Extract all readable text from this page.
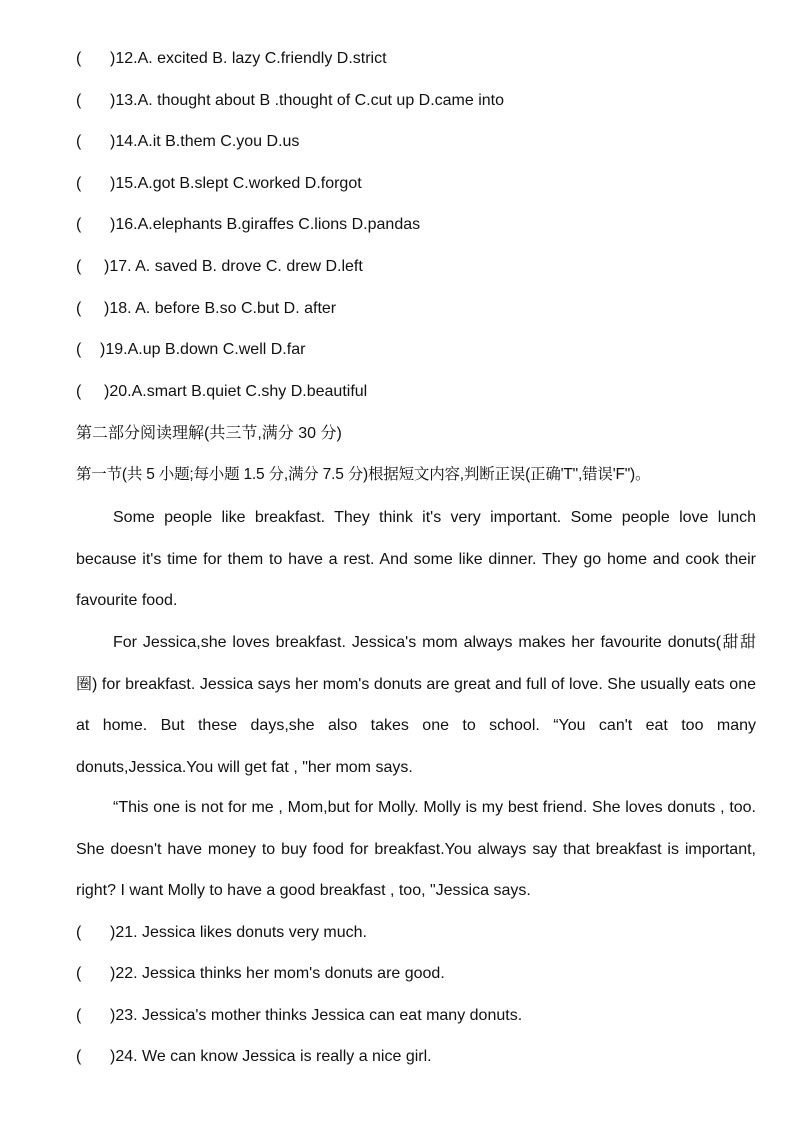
( )12.A. excited B. lazy C.friendly D.strict
( )13.A. thought about B .thought of C.cut up D.came into
( )14.A.it B.them C.you D.us
( )15.A.got B.slept C.worked D.forgot
( )16.A.elephants B.giraffes C.lions D.pandas
( )17. A. saved B. drove C. drew D.left
( )18. A. before B.so C.but D. after
( )19.A.up B.down C.well D.far
( )20.A.smart B.quiet C.shy D.beautiful
第二部分阅读理解(共三节,满分 30 分)
第一节(共 5 小题;每小题 1.5 分,满分 7.5 分)根据短文内容,判断正误(正确'T",错误'F")。
Some people like breakfast. They think it's very important. Some people love lunch because it's time for them to have a rest. And some like dinner. They go home and cook their favourite food.
For Jessica,she loves breakfast. Jessica's mom always makes her favourite donuts(甜甜圈) for breakfast. Jessica says her mom's donuts are great and full of love. She usually eats one at home. But these days,she also takes one to school. “You can't eat too many donuts,Jessica.You will get fat , "her mom says.
“This one is not for me , Mom,but for Molly. Molly is my best friend. She loves donuts , too. She doesn't have money to buy food for breakfast.You always say that breakfast is important, right? I want Molly to have a good breakfast , too, "Jessica says.
( )21. Jessica likes donuts very much.
( )22. Jessica thinks her mom's donuts are good.
( )23. Jessica's mother thinks Jessica can eat many donuts.
( )24. We can know Jessica is really a nice girl.
